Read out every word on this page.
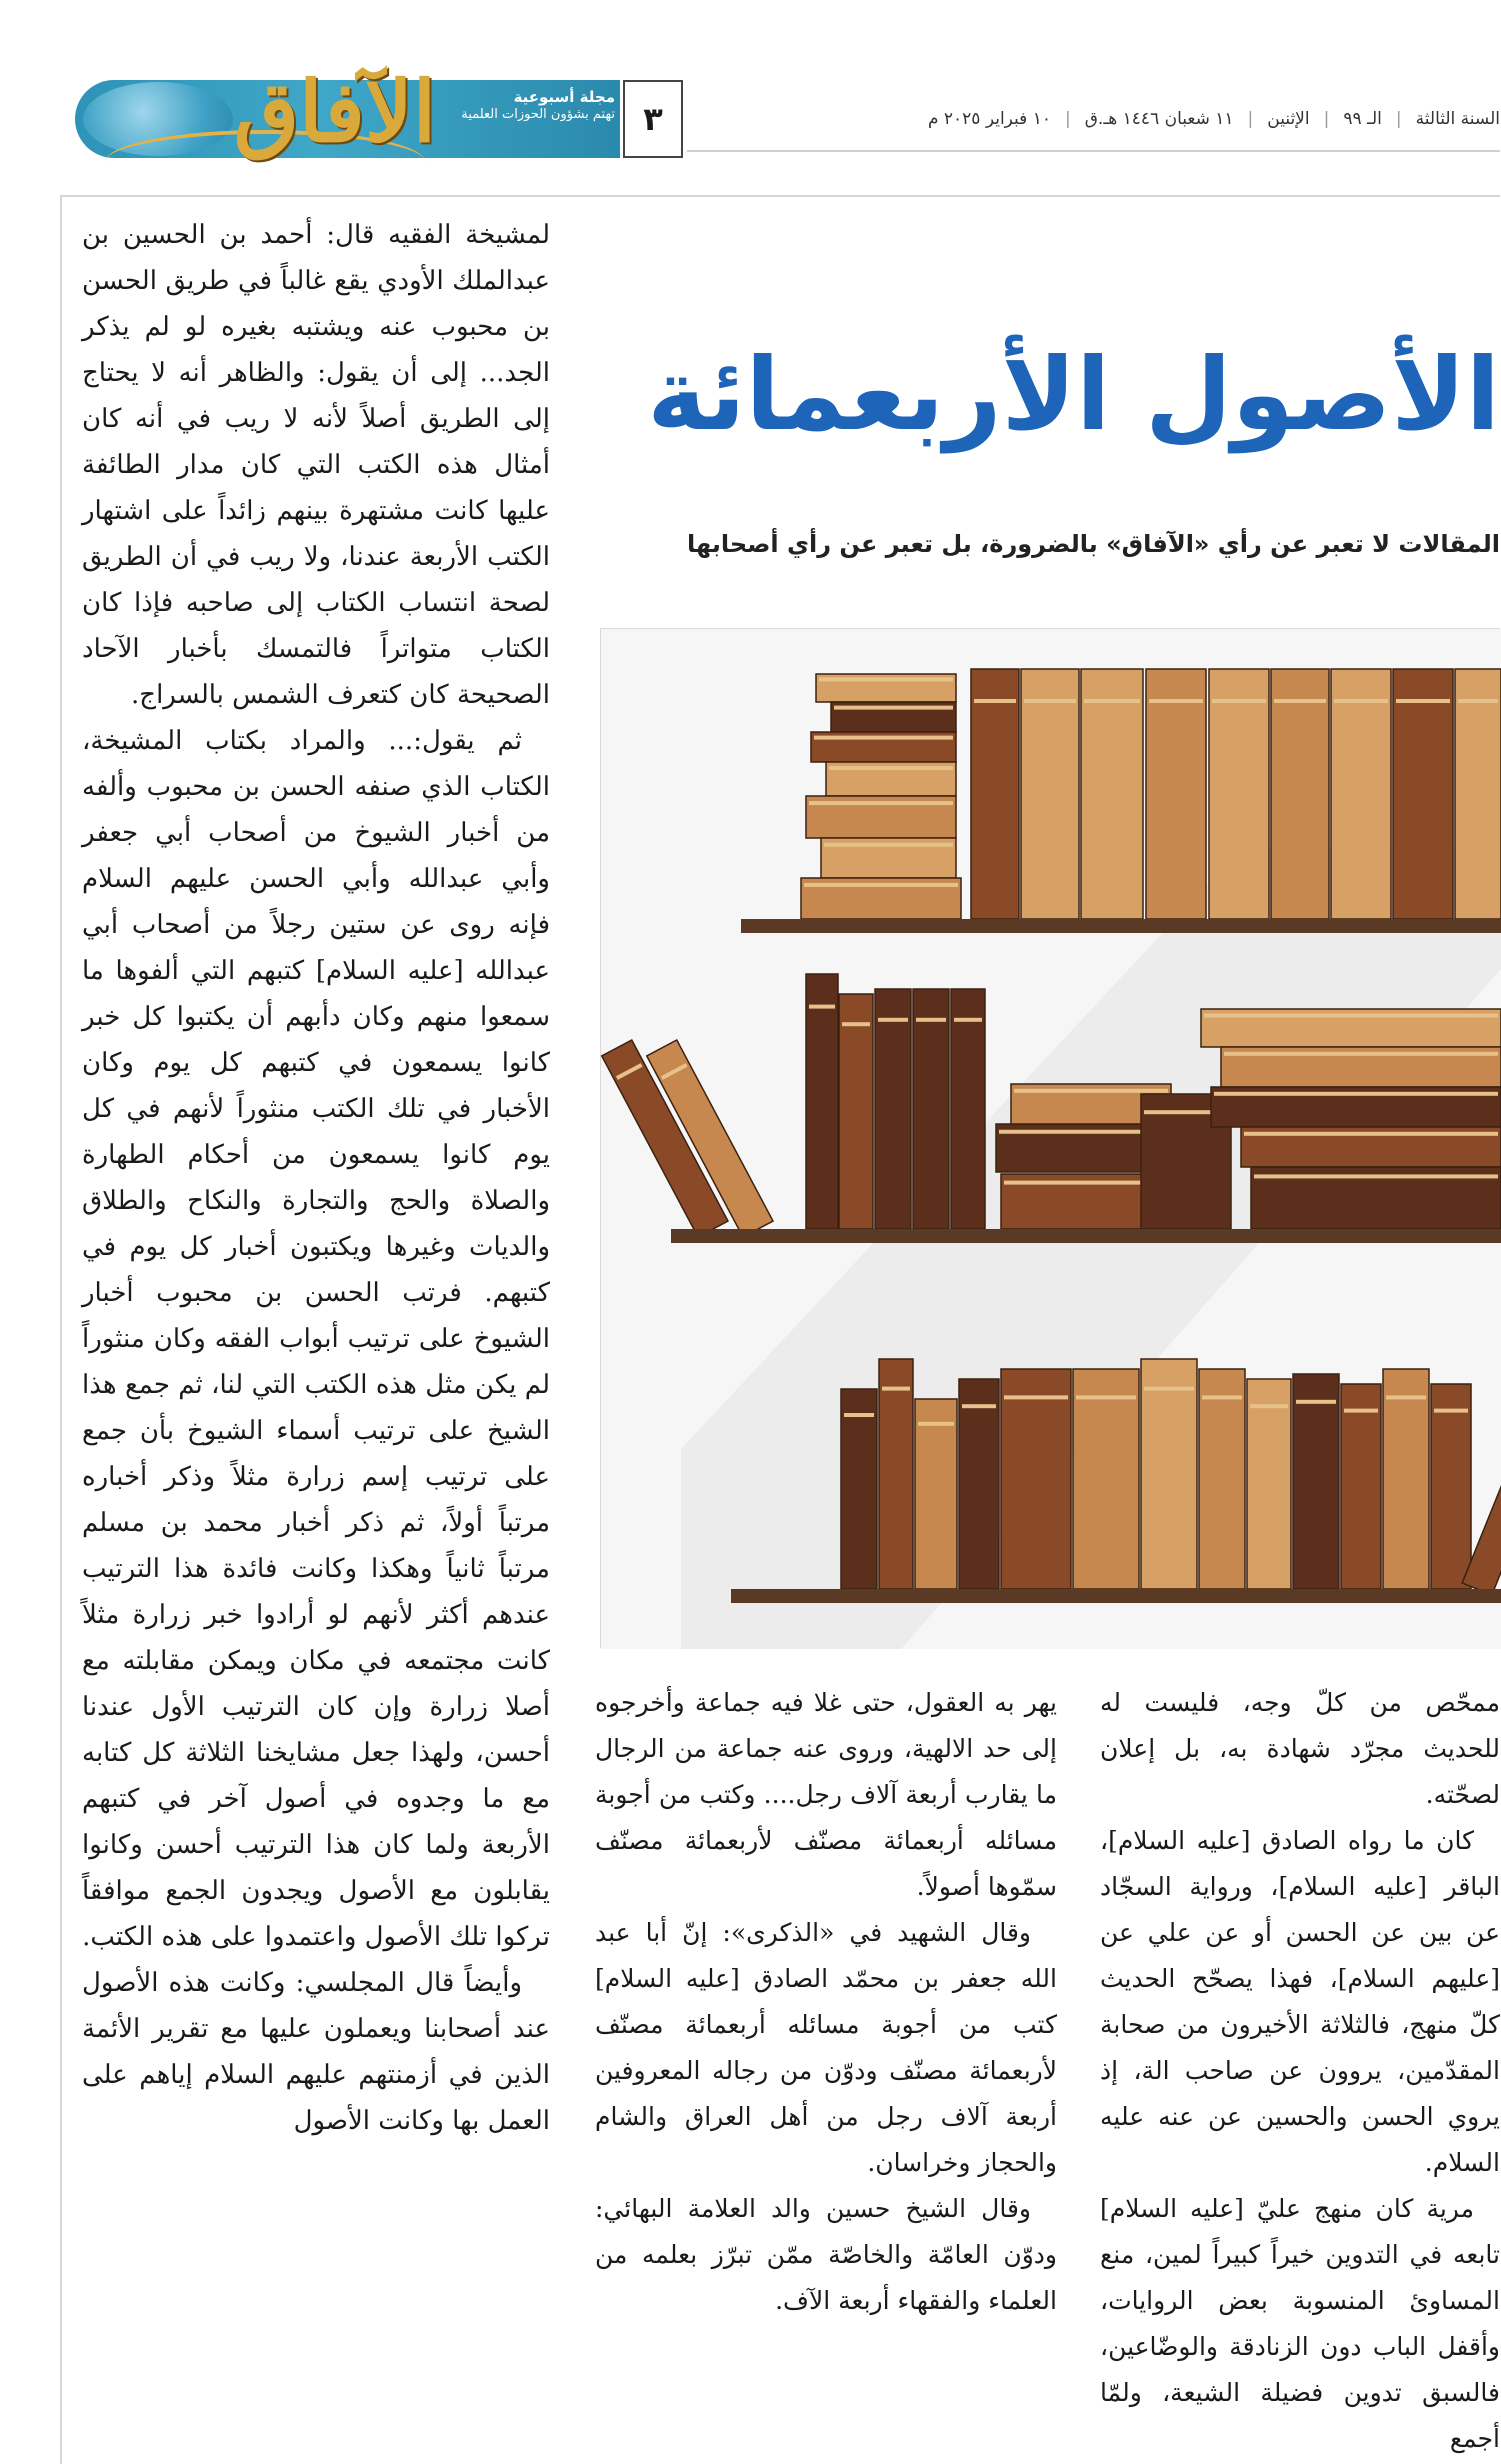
الآفاق	مجلة أسبوعية
تهتم بشؤون الحوزات العلمية ٣	السنة الثالثة
|
الـ ٩٩
|
الإثنين
|
١١ شعبان ١٤٤٦ هـ.ق
|
١٠ فبراير ٢٠٢٥ م

لمشيخة الفقيه قال: أحمد بن الحسين بن عبدالملك الأودي يقع غالباً في طريق الحسن بن محبوب عنه ويشتبه بغيره لو لم يذكر الجد... إلى أن يقول: والظاهر أنه لا يحتاج إلى الطريق أصلاً لأنه لا ريب في أنه كان أمثال هذه الكتب التي كان مدار الطائفة عليها كانت مشتهرة بينهم زائداً على اشتهار الكتب الأربعة عندنا، ولا ريب في أن الطريق لصحة انتساب الكتاب إلى صاحبه فإذا كان الكتاب متواتراً فالتمسك بأخبار الآحاد الصحيحة كان كتعرف الشمس بالسراج.

ثم يقول:... والمراد بكتاب المشيخة، الكتاب الذي صنفه الحسن بن محبوب وألفه من أخبار الشيوخ من أصحاب أبي جعفر وأبي عبدالله وأبي الحسن عليهم السلام فإنه روى عن ستين رجلاً من أصحاب أبي عبدالله [عليه السلام] كتبهم التي ألفوها ما سمعوا منهم وكان دأبهم أن يكتبوا كل خبر كانوا يسمعون في كتبهم كل يوم وكان الأخبار في تلك الكتب منثوراً لأنهم في كل يوم كانوا يسمعون من أحكام الطهارة والصلاة والحج والتجارة والنكاح والطلاق والديات وغيرها ويكتبون أخبار كل يوم في كتبهم. فرتب الحسن بن محبوب أخبار الشيوخ على ترتيب أبواب الفقه وكان منثوراً لم يكن مثل هذه الكتب التي لنا، ثم جمع هذا الشيخ على ترتيب أسماء الشيوخ بأن جمع على ترتيب إسم زرارة مثلاً وذكر أخباره مرتباً أولاً، ثم ذكر أخبار محمد بن مسلم مرتباً ثانياً وهكذا وكانت فائدة هذا الترتيب عندهم أكثر لأنهم لو أرادوا خبر زرارة مثلاً كانت مجتمعه في مكان ويمكن مقابلته مع أصلا زرارة وإن كان الترتيب الأول عندنا أحسن، ولهذا جعل مشايخنا الثلاثة كل كتابه مع ما وجدوه في أصول آخر في كتبهم الأربعة ولما كان هذا الترتيب أحسن وكانوا يقابلون مع الأصول ويجدون الجمع موافقاً تركوا تلك الأصول واعتمدوا على هذه الكتب.

وأيضاً قال المجلسي: وكانت هذه الأصول عند أصحابنا ويعملون عليها مع تقرير الأئمة الذين في أزمنتهم عليهم السلام إياهم على العمل بها وكانت الأصول

الأصول الأربعمائة
المقالات لا تعبر عن رأي «الآفاق» بالضرورة، بل تعبر عن رأي أصحابها

يهر به العقول، حتى غلا فيه جماعة وأخرجوه إلى حد الالهية، وروى عنه جماعة من الرجال ما يقارب أربعة آلاف رجل.... وكتب من أجوبة مسائله أربعمائة مصنّف لأربعمائة مصنّف سمّوها أصولاً.

وقال الشهيد في «الذكرى»: إنّ أبا عبد الله جعفر بن محمّد الصادق [عليه السلام] كتب من أجوبة مسائله أربعمائة مصنّف لأربعمائة مصنّف ودوّن من رجاله المعروفين أربعة آلاف رجل من أهل العراق والشام والحجاز وخراسان.

وقال الشيخ حسين والد العلامة البهائي: ودوّن العامّة والخاصّة ممّن تبرّز بعلمه من العلماء والفقهاء أربعة الآف.

ممحّص من كلّ وجه، فليست له للحديث مجرّد شهادة به، بل إعلان لصحّته.

كان ما رواه الصادق [عليه السلام]، الباقر [عليه السلام]، ورواية السجّاد عن بين عن الحسن أو عن علي عن [عليهم السلام]، فهذا يصحّح الحديث كلّ منهج، فالثلاثة الأخيرون من صحابة المقدّمين، يروون عن صاحب الة، إذ يروي الحسن والحسين عن عنه عليه السلام.

مرية كان منهج عليّ [عليه السلام] تابعه في التدوين خيراً كبيراً لمين، منع المساوئ المنسوبة بعض الروايات، وأقفل الباب دون الزنادقة والوضّاعين، فالسبق تدوين فضيلة الشيعة، ولمّا أجمع
